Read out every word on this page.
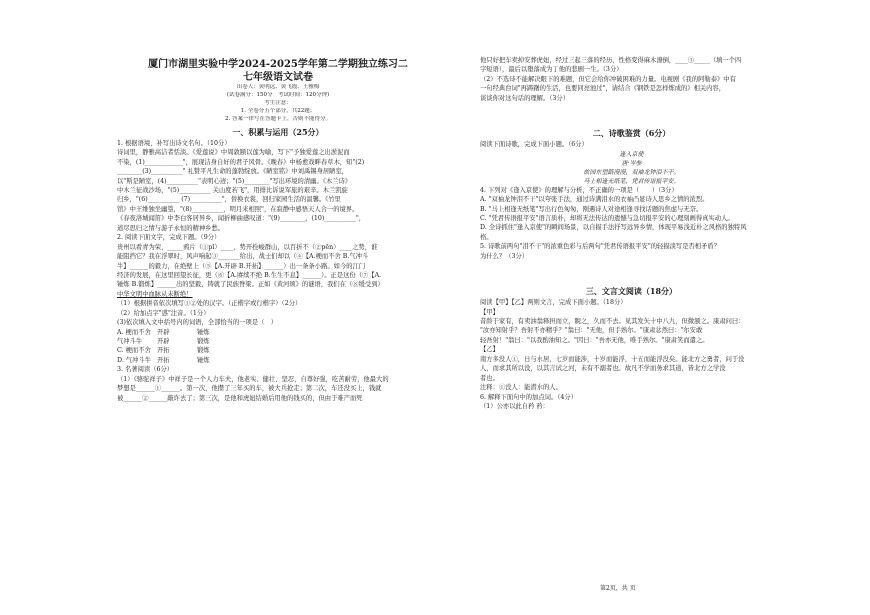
厦门市湖里实验中学2024-2025学年第二学期独立练习二

七年级语文试卷

出卷人：黄明远、黄飞霞、王雅梅

(试卷满分：150分　考试时间：120分钟)

考生注意：

1. 全卷分五个部分，共22题；

2. 答案一律写在答题卡上，否则不能得分。

一、积累与运用（25分）

1. 根据语境，补写出诗文名句。（10分）

诗词里，静雅高洁者恬淡。《爱莲说》中周敦颐以莲为喻，写下"予独爱莲之出淤泥而

不染，(1)____________"，展现洁身自好的君子风骨。《晚春》中杨愈戏畔春草木，知"(2)

________(3)__________" 礼赞平凡生命的蓬勃绽放。《陋室铭》中刘禹锡身居陋室，

以"斯是陋室，(4)__________"表明心迹；"(5)________"写出环境的清幽。《木兰诗》

中木兰征战沙场，"(5)__________ 关山度若飞"，用排比诉说军旅的艰辛。木兰凯旋

归乡，"(6)__________ (7)__________"，替换衣裳，回归家园生活的温馨。《竹里

馆》中王维独坐幽篁，"(8)__________，明月来相照"，在寂静中感悟天人合一的境界。

《春夜洛城闻笛》中李白客居异乡，闻折柳曲感叹道："(9)________，(10)__________"，

道尽思归之情与游子永恒的精神乡愁。

2. 阅读下面文字，完成下题。（9分）

贵州以看青为荣，_____鸦片（①pǐ）____，势开拴峻群山，以百折不（②pēn）____之势，谁

能阻挡它？我在浮翠时，风声响起③_______给出，战士们却以（④【A.梗而不舍 B.气冲斗

牛】______的毅力，在绝壁上（⑤【A.开辟 B.开拓】______）出一条条小路。如今的江门

经济的发展，在这里回望长征，更（⑥【A.赓续不绝 B.生生不息】______）。正是这份（⑦【A.

锤炼 B.锻炼】______出的坚毅，铸就了民族脊梁。正如《黄河颂》的谜语，我们在（⑧缓受到）

中华文明中血脉从未断绝！

（1）根据拼音依次填写①②处的汉字。（正楷字或行楷字）（2分）

（2）给加点字"惑"注音。（1分）

(3)依次填入文中括号内的词语，全部恰当的一项是（　）

A. 梗而不舍 开辟	锤炼
气冲斗牛	开辟	锻炼
C. 梗而不舍 开拓	锻炼
D. 气冲斗牛 开拓	锤炼

3. 名著阅读（6分）

（1）《骆驼祥子》中祥子是一个人力车夫，他老实、健壮、坚忍，自尊好强，吃苦耐劳，他最大的

梦想是______①______。第一次，他攒了三年买的车，被大兵抢走；第二次，车还没买上，钱就

被______②______敲诈去了；第三次，是他和虎妞结婚后用他的钱买的，但由于难产而死

他只好把车卖掉安葬虎妞，经过三起三落的经历，性格变得麻木潦倒，____③_____（填一个四

字短语），最后以堕落成为丁他的悲剧一生。（3分）

（2）不选诗不能解决眼下的难题，但它会给你冲破困难的力量。电视剧《我的阿勒泰》中有

一句经典台词"再踌躇的生活，也要同亮池过"，请结合《钢铁是怎样炼成的》相关内容，

谈谈你对这句话的理解。（3分）

二、诗歌鉴赏（6分）

阅读下面诗歌，完成下面小题。（6分）

逢入京使

唐·岑参

故园东望路漫漫，双袖龙钟泪不干。

马上相逢无纸笔，凭君传语报平安。

4. 下列对《逢入京使》的理解与分析，不正确的一项是（　　）（3分）

A. "双袖龙钟泪不干"以夸张手法，通过诗满泪水的衣袖凸显诗人思乡之情的浓烈。

B. "马上相逢无纸笔"写出行色匆匆，刚遇诗人对途相逢寻找话题的焦虑与无奈。

C. "凭君传语报平安"语言质朴，却将无法传达的遗憾与急切报平安的心理刻画得真实动人。

D. 全诗抓住"逢入京使"的瞬间场景，以自描手法抒写远异乡情，体现平易浅近朴之风格的独特风

格。

5. 诗歌前两句"泪不干"的浓重色彩与后两句"凭君传语报平安"的轻描淡写是否相矛盾？

为什么？（3分）

三、文言文阅读（18分）

阅读【甲】【乙】两则文言，完成下面小题。（18分）

【甲】

昔龄于家有，有卖油翁释担而立，睨之，久而不去。见其发矢十中八九，但微颔之。康肃问曰：

"汝亦知射乎？吾射不亦精乎？"翁曰："无他，但手熟尔。"康肃忿然曰："尔安敢

轻吾射！"翁曰："以我酌油知之。"因曰："吾亦无他，唯手熟尔。"康肃笑而遣之。

【乙】

南方多没人①，日与水居，七岁而能涉，十岁而能浮，十五而能浮没矣。能北方之勇者，问于没

人，而求其所以没，以其言试之河，未有不溺者也。故凡不学而务求其道，皆北方之学没

者也。

注释：①没人：能潜水的人。

6. 解释下面句中的加点词。（4分）

（1）公亦以此自矜 矜：

第2页，共 页
